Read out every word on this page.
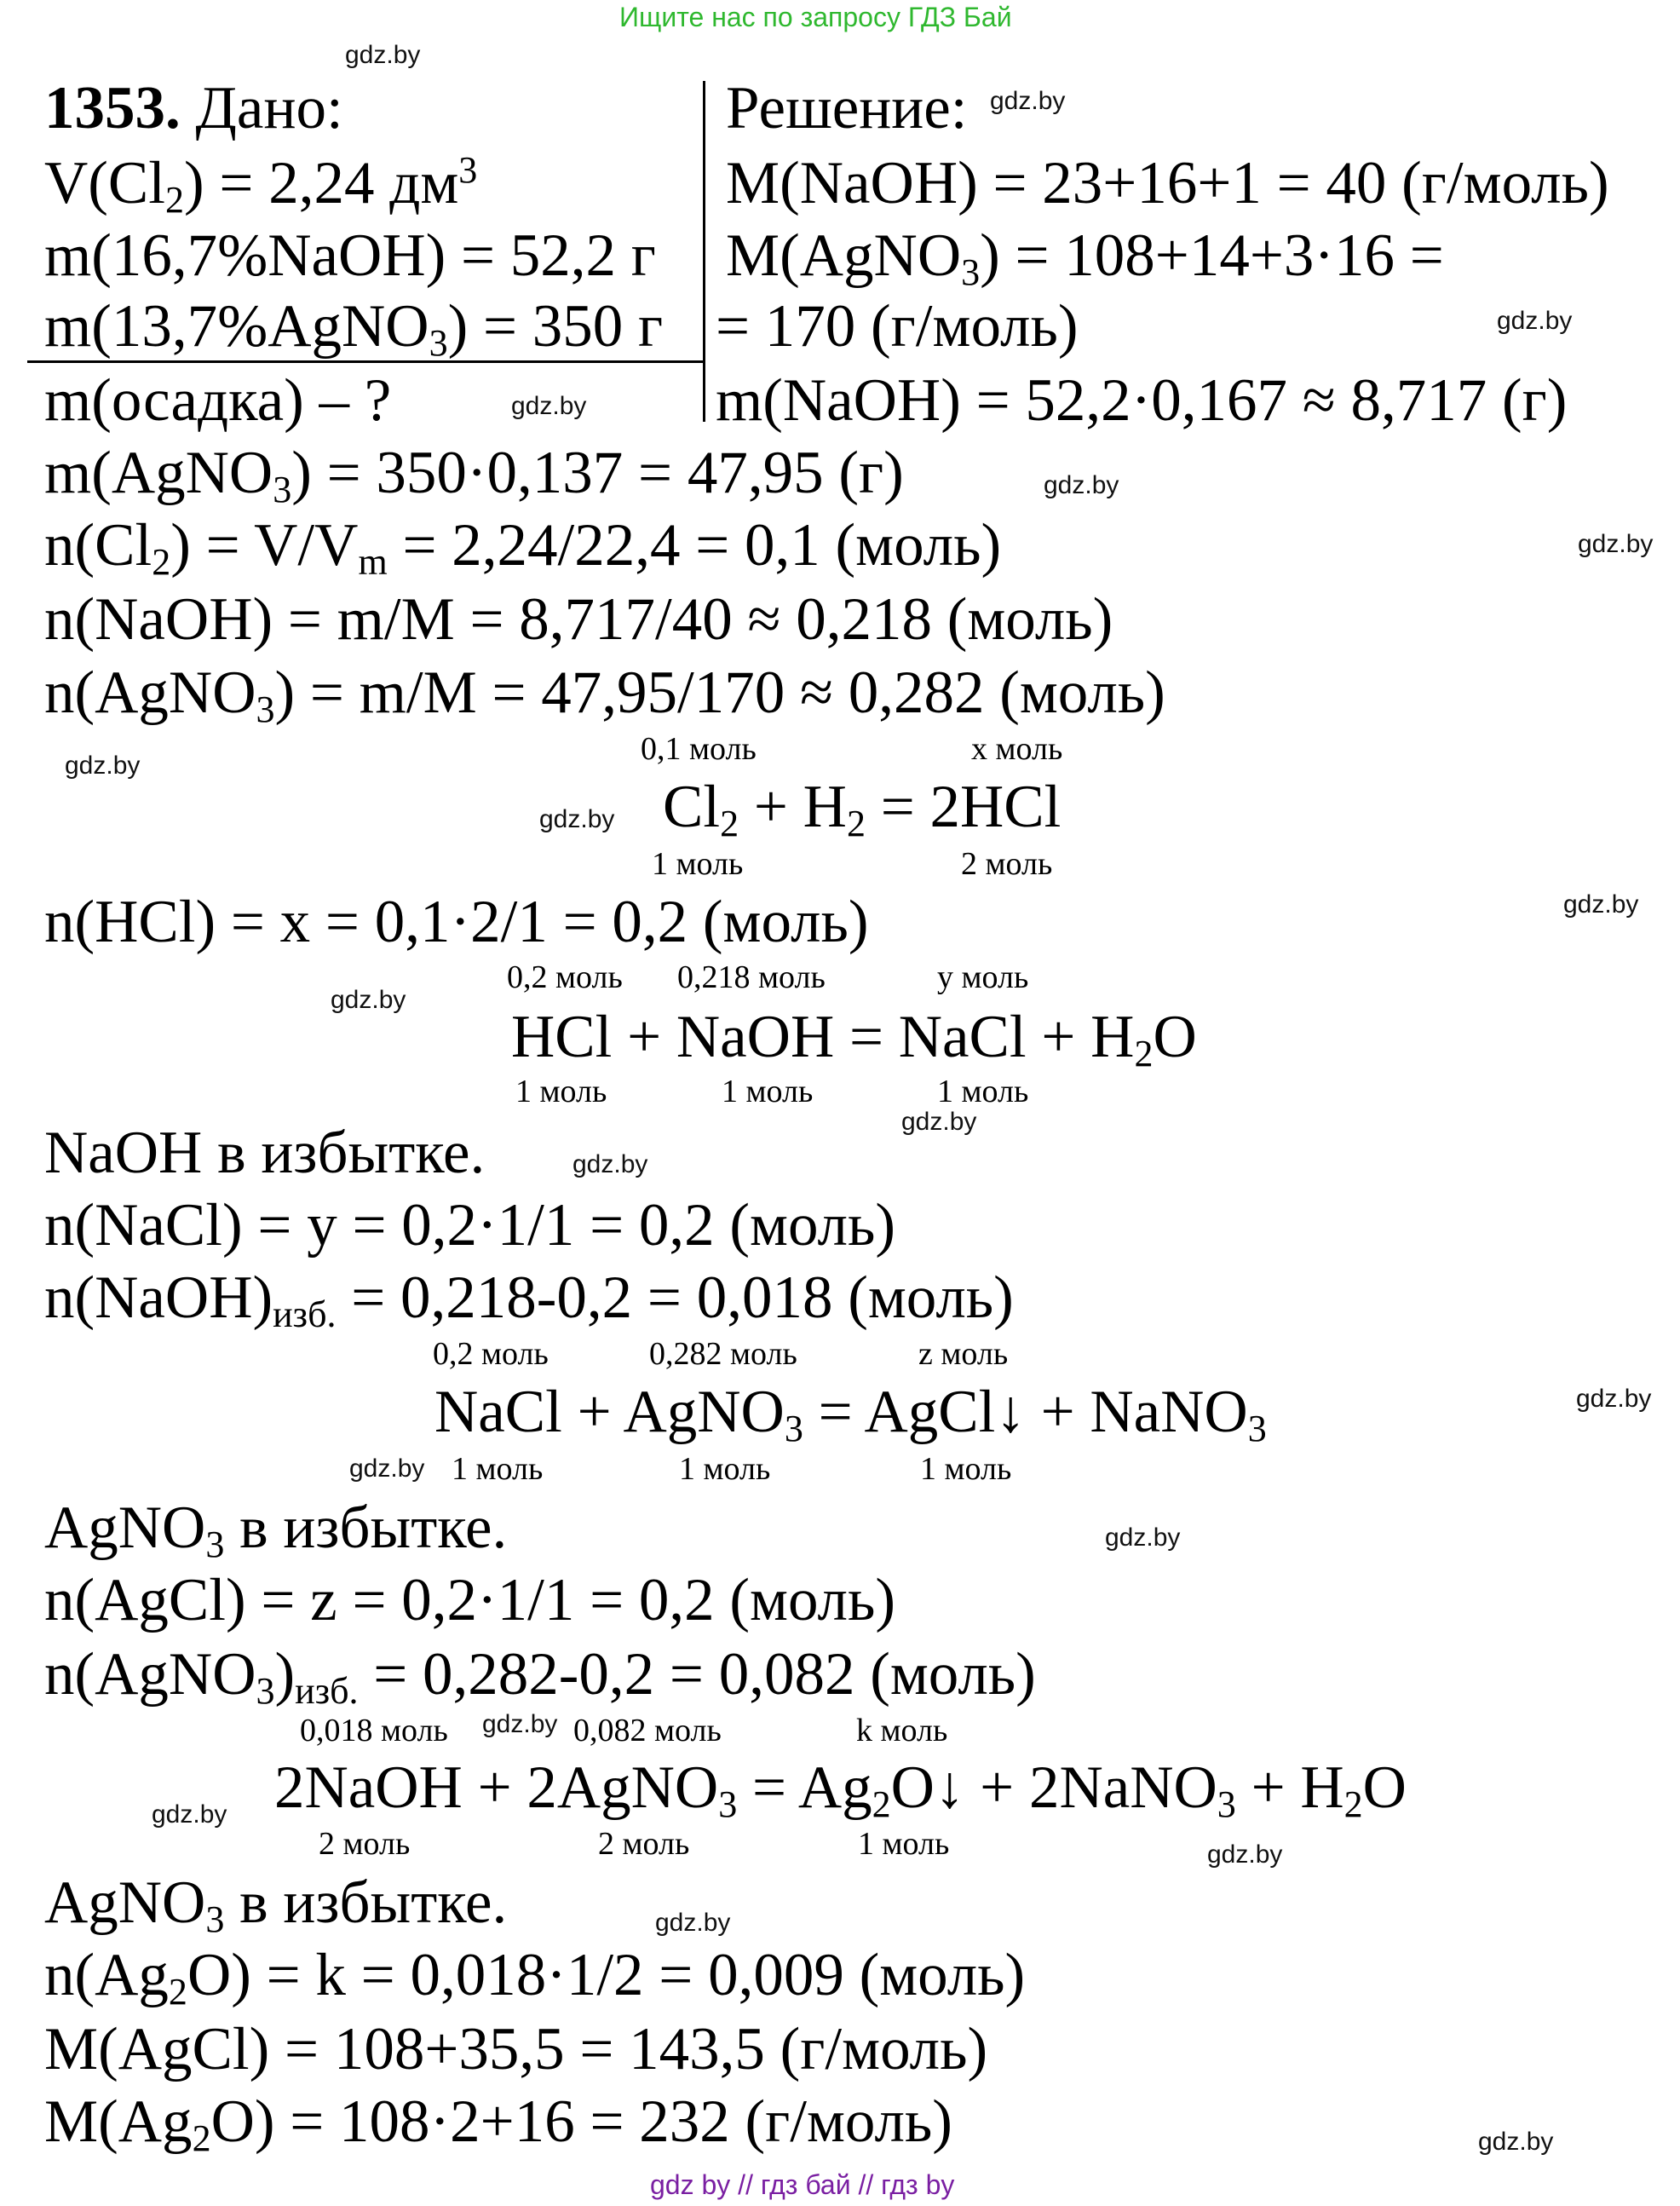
Ищите нас по запросу ГДЗ Бай
gdz.by
gdz.by
gdz.by
gdz.by
gdz.by
gdz.by
gdz.by
gdz.by
gdz.by
gdz.by
gdz.by
gdz.by
gdz.by
gdz.by
gdz.by
gdz.by
gdz.by
gdz.by
gdz.by
gdz.by
1353. Дано:
$V(Cl_2) = 2,24$ $дм^3$
m(16,7%NaOH) = 52,2 г
m(13,7%AgNO$_3$) = 350 г
m(осадка) – ?
Решение:
M(NaOH) = 23+16+1 = 40 (г/моль)
M(AgNO$_3$) = 108+14+3·16 =
= 170 (г/моль)
m(NaOH) = 52,2·0,167 ≈ 8,717 (г)
m(AgNO$_3$) = 350·0,137 = 47,95 (г)
$n(Cl_2) = V/V_m = 2,24/22,4 = 0,1$ (моль)
n(NaOH) = m/M = 8,717/40 ≈ 0,218 (моль)
n(AgNO$_3$) = m/M = 47,95/170 ≈ 0,282 (моль)
0,1 моль	x моль
$Cl_2 + H_2 = 2HCl$
1 моль	2 моль
n(HCl) = x = 0,1·2/1 = 0,2 (моль)
0,2 моль 0,218 моль	y моль
HCl + NaOH = NaCl + $H_2O$
1 моль	1 моль	1 моль
NaOH в избытке.
n(NaCl) = y = 0,2·1/1 = 0,2 (моль)
$n(NaOH)_{изб.} = 0,218-0,2 = 0,018$ (моль)
0,2 моль	0,282 моль	z моль
NaCl + AgNO$_3$ = AgCl↓ + NaNO$_3$
1 моль	1 моль	1 моль
AgNO$_3$ в избытке.
n(AgCl) = z = 0,2·1/1 = 0,2 (моль)
$n(AgNO_3)_{изб.} = 0,282-0,2 = 0,082$ (моль)
0,018 моль	0,082 моль	k моль
2NaOH + 2AgNO$_3$ = $Ag_2O↓$ + 2NaNO$_3$ + $H_2O$
2 моль	2 моль	1 моль
AgNO$_3$ в избытке.
$n(Ag_2O) = k = 0,018\cdot 1/2 = 0,009$ (моль)
M(AgCl) = 108+35,5 = 143,5 (г/моль)
$M(Ag_2O) = 108\cdot 2+16 = 232$ (г/моль)
gdz by // гдз бай // гдз by
